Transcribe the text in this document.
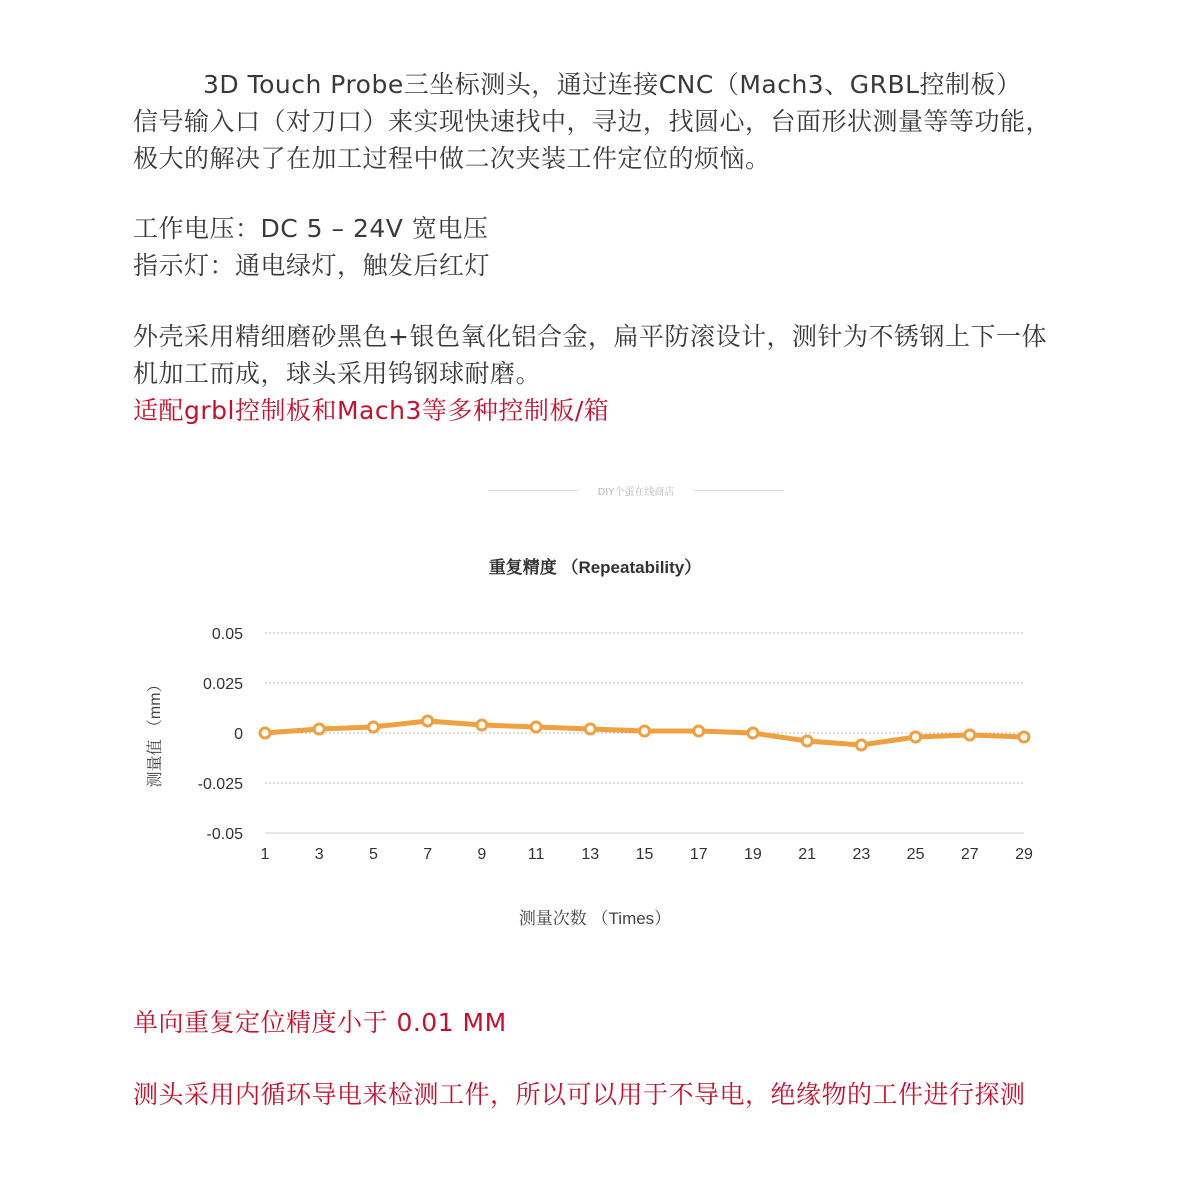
3D Touch Probe三坐标测头，通过连接CNC（Mach3、GRBL控制板）

信号输入口（对刀口）来实现快速找中，寻边，找圆心，台面形状测量等等功能，

极大的解决了在加工过程中做二次夹装工件定位的烦恼。

工作电压：DC 5 – 24V 宽电压

指示灯：通电绿灯，触发后红灯

外壳采用精细磨砂黑色+银色氧化铝合金，扁平防滚设计，测针为不锈钢上下一体

机加工而成，球头采用钨钢球耐磨。

适配grbl控制板和Mach3等多种控制板/箱

DIY个蛋在线商店
重复精度 （Repeatability）
0.05
0.025
0
-0.025
-0.05
1	3	5	7	9	11 13 15 17 19 21 23 25 27 29
测量值 （mm）
测量次数 （Times）
单向重复定位精度小于 0.01 MM
测头采用内循环导电来检测工件，所以可以用于不导电，绝缘物的工件进行探测
